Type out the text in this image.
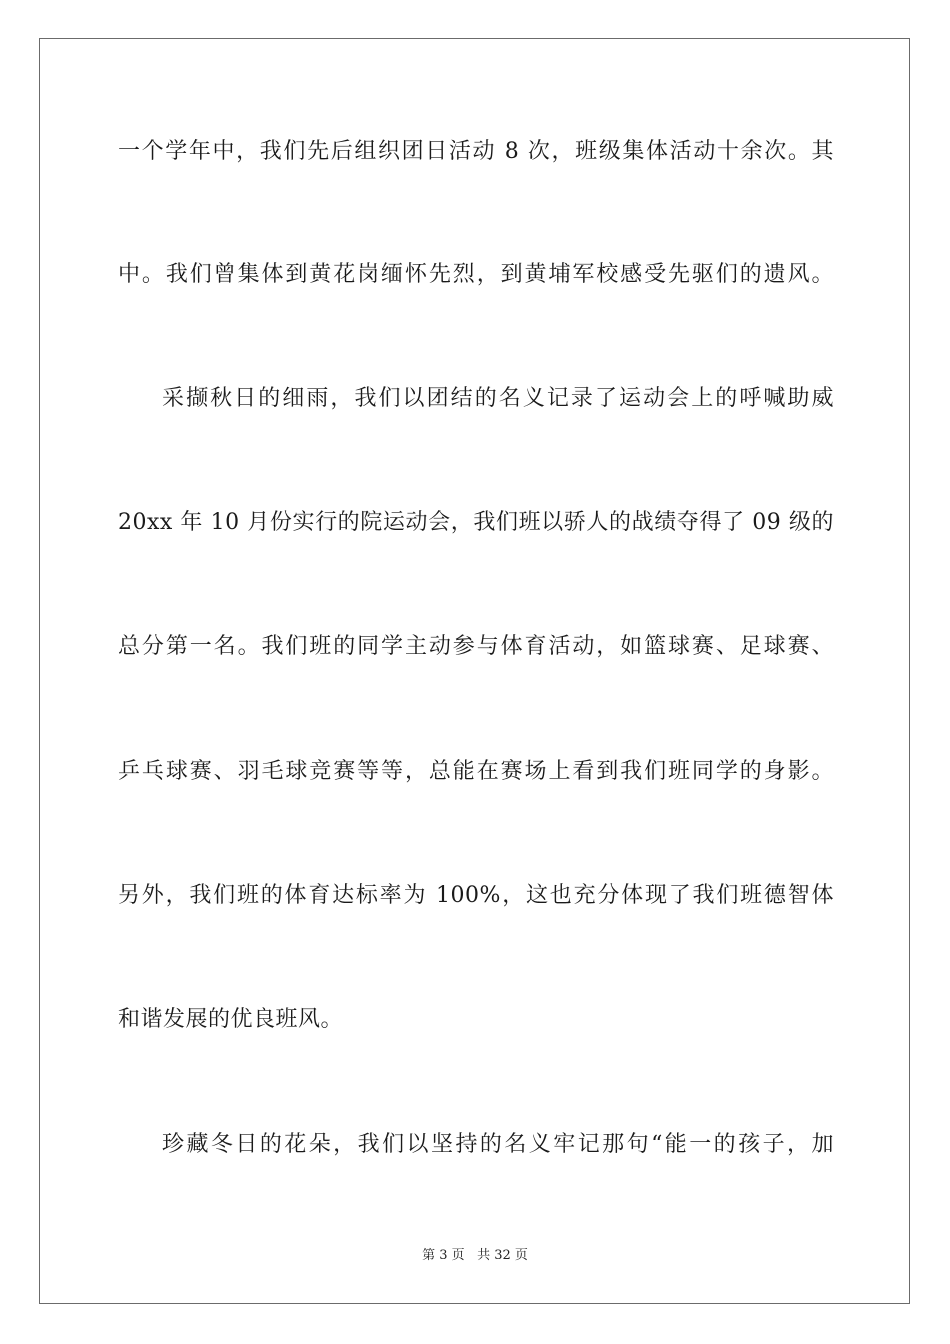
一个学年中，我们先后组织团日活动 8 次，班级集体活动十余次。其
中。我们曾集体到黄花岗缅怀先烈，到黄埔军校感受先驱们的遗风。
采撷秋日的细雨，我们以团结的名义记录了运动会上的呼喊助威
20xx 年 10 月份实行的院运动会，我们班以骄人的战绩夺得了 09 级的
总分第一名。我们班的同学主动参与体育活动，如篮球赛、足球赛、
乒乓球赛、羽毛球竞赛等等，总能在赛场上看到我们班同学的身影。
另外，我们班的体育达标率为 100%，这也充分体现了我们班德智体
和谐发展的优良班风。
珍藏冬日的花朵，我们以坚持的名义牢记那句“能一的孩子，加
第 3 页 共 32 页
